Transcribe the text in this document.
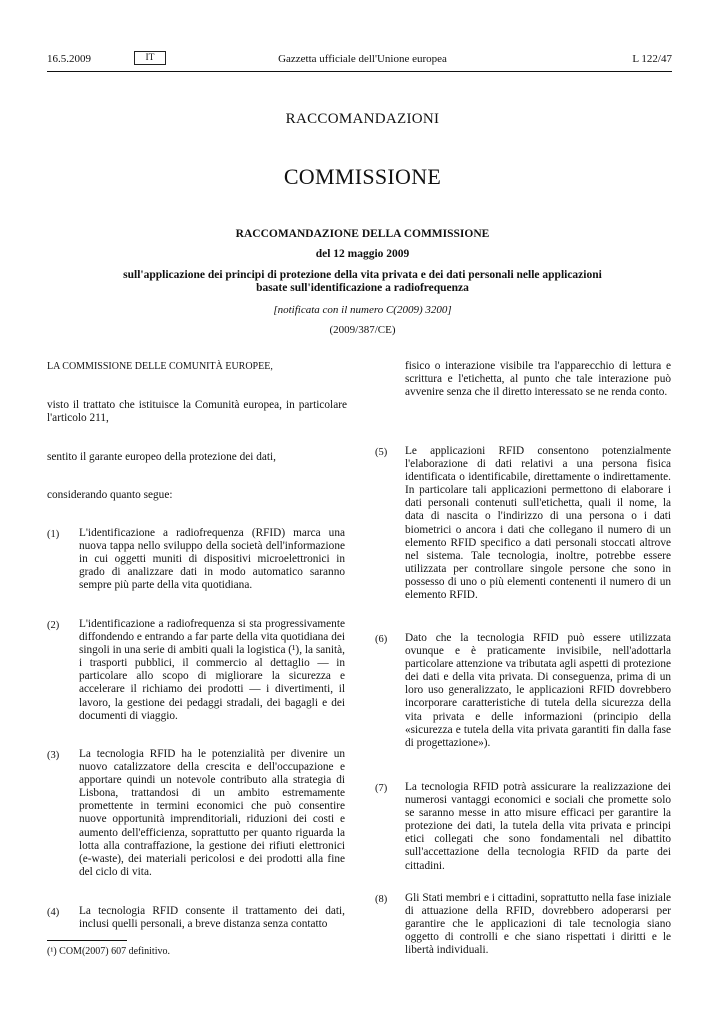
16.5.2009	IT	Gazzetta ufficiale dell'Unione europea	L 122/47
RACCOMANDAZIONI
COMMISSIONE
RACCOMANDAZIONE DELLA COMMISSIONE
del 12 maggio 2009
sull'applicazione dei principi di protezione della vita privata e dei dati personali nelle applicazioni
basate sull'identificazione a radiofrequenza
[notificata con il numero C(2009) 3200]
(2009/387/CE)
LA COMMISSIONE DELLE COMUNITÀ EUROPEE,
visto il trattato che istituisce la Comunità europea, in particolare l'articolo 211,
sentito il garante europeo della protezione dei dati,
considerando quanto segue:
(1) L'identificazione a radiofrequenza (RFID) marca una nuova tappa nello sviluppo della società dell'informazione in cui oggetti muniti di dispositivi microelettronici in grado di analizzare dati in modo automatico saranno sempre più parte della vita quotidiana.
(2) L'identificazione a radiofrequenza si sta progressivamente diffondendo e entrando a far parte della vita quotidiana dei singoli in una serie di ambiti quali la logistica (¹), la sanità, i trasporti pubblici, il commercio al dettaglio — in particolare allo scopo di migliorare la sicurezza e accelerare il richiamo dei prodotti — i divertimenti, il lavoro, la gestione dei pedaggi stradali, dei bagagli e dei documenti di viaggio.
(3) La tecnologia RFID ha le potenzialità per divenire un nuovo catalizzatore della crescita e dell'occupazione e apportare quindi un notevole contributo alla strategia di Lisbona, trattandosi di un ambito estremamente promettente in termini economici che può consentire nuove opportunità imprenditoriali, riduzioni dei costi e aumento dell'efficienza, soprattutto per quanto riguarda la lotta alla contraffazione, la gestione dei rifiuti elettronici (e-waste), dei materiali pericolosi e dei prodotti alla fine del ciclo di vita.
(4) La tecnologia RFID consente il trattamento dei dati, inclusi quelli personali, a breve distanza senza contatto
(¹) COM(2007) 607 definitivo.
fisico o interazione visibile tra l'apparecchio di lettura e scrittura e l'etichetta, al punto che tale interazione può avvenire senza che il diretto interessato se ne renda conto.
(5) Le applicazioni RFID consentono potenzialmente l'elaborazione di dati relativi a una persona fisica identificata o identificabile, direttamente o indirettamente. In particolare tali applicazioni permettono di elaborare i dati personali contenuti sull'etichetta, quali il nome, la data di nascita o l'indirizzo di una persona o i dati biometrici o ancora i dati che collegano il numero di un elemento RFID specifico a dati personali stoccati altrove nel sistema. Tale tecnologia, inoltre, potrebbe essere utilizzata per controllare singole persone che sono in possesso di uno o più elementi contenenti il numero di un elemento RFID.
(6) Dato che la tecnologia RFID può essere utilizzata ovunque e è praticamente invisibile, nell'adottarla particolare attenzione va tributata agli aspetti di protezione dei dati e della vita privata. Di conseguenza, prima di un loro uso generalizzato, le applicazioni RFID dovrebbero incorporare caratteristiche di tutela della sicurezza della vita privata e delle informazioni (principio della «sicurezza e tutela della vita privata garantiti fin dalla fase di progettazione»).
(7) La tecnologia RFID potrà assicurare la realizzazione dei numerosi vantaggi economici e sociali che promette solo se saranno messe in atto misure efficaci per garantire la protezione dei dati, la tutela della vita privata e principi etici collegati che sono fondamentali nel dibattito sull'accettazione della tecnologia RFID da parte dei cittadini.
(8) Gli Stati membri e i cittadini, soprattutto nella fase iniziale di attuazione della RFID, dovrebbero adoperarsi per garantire che le applicazioni di tale tecnologia siano oggetto di controlli e che siano rispettati i diritti e le libertà individuali.
